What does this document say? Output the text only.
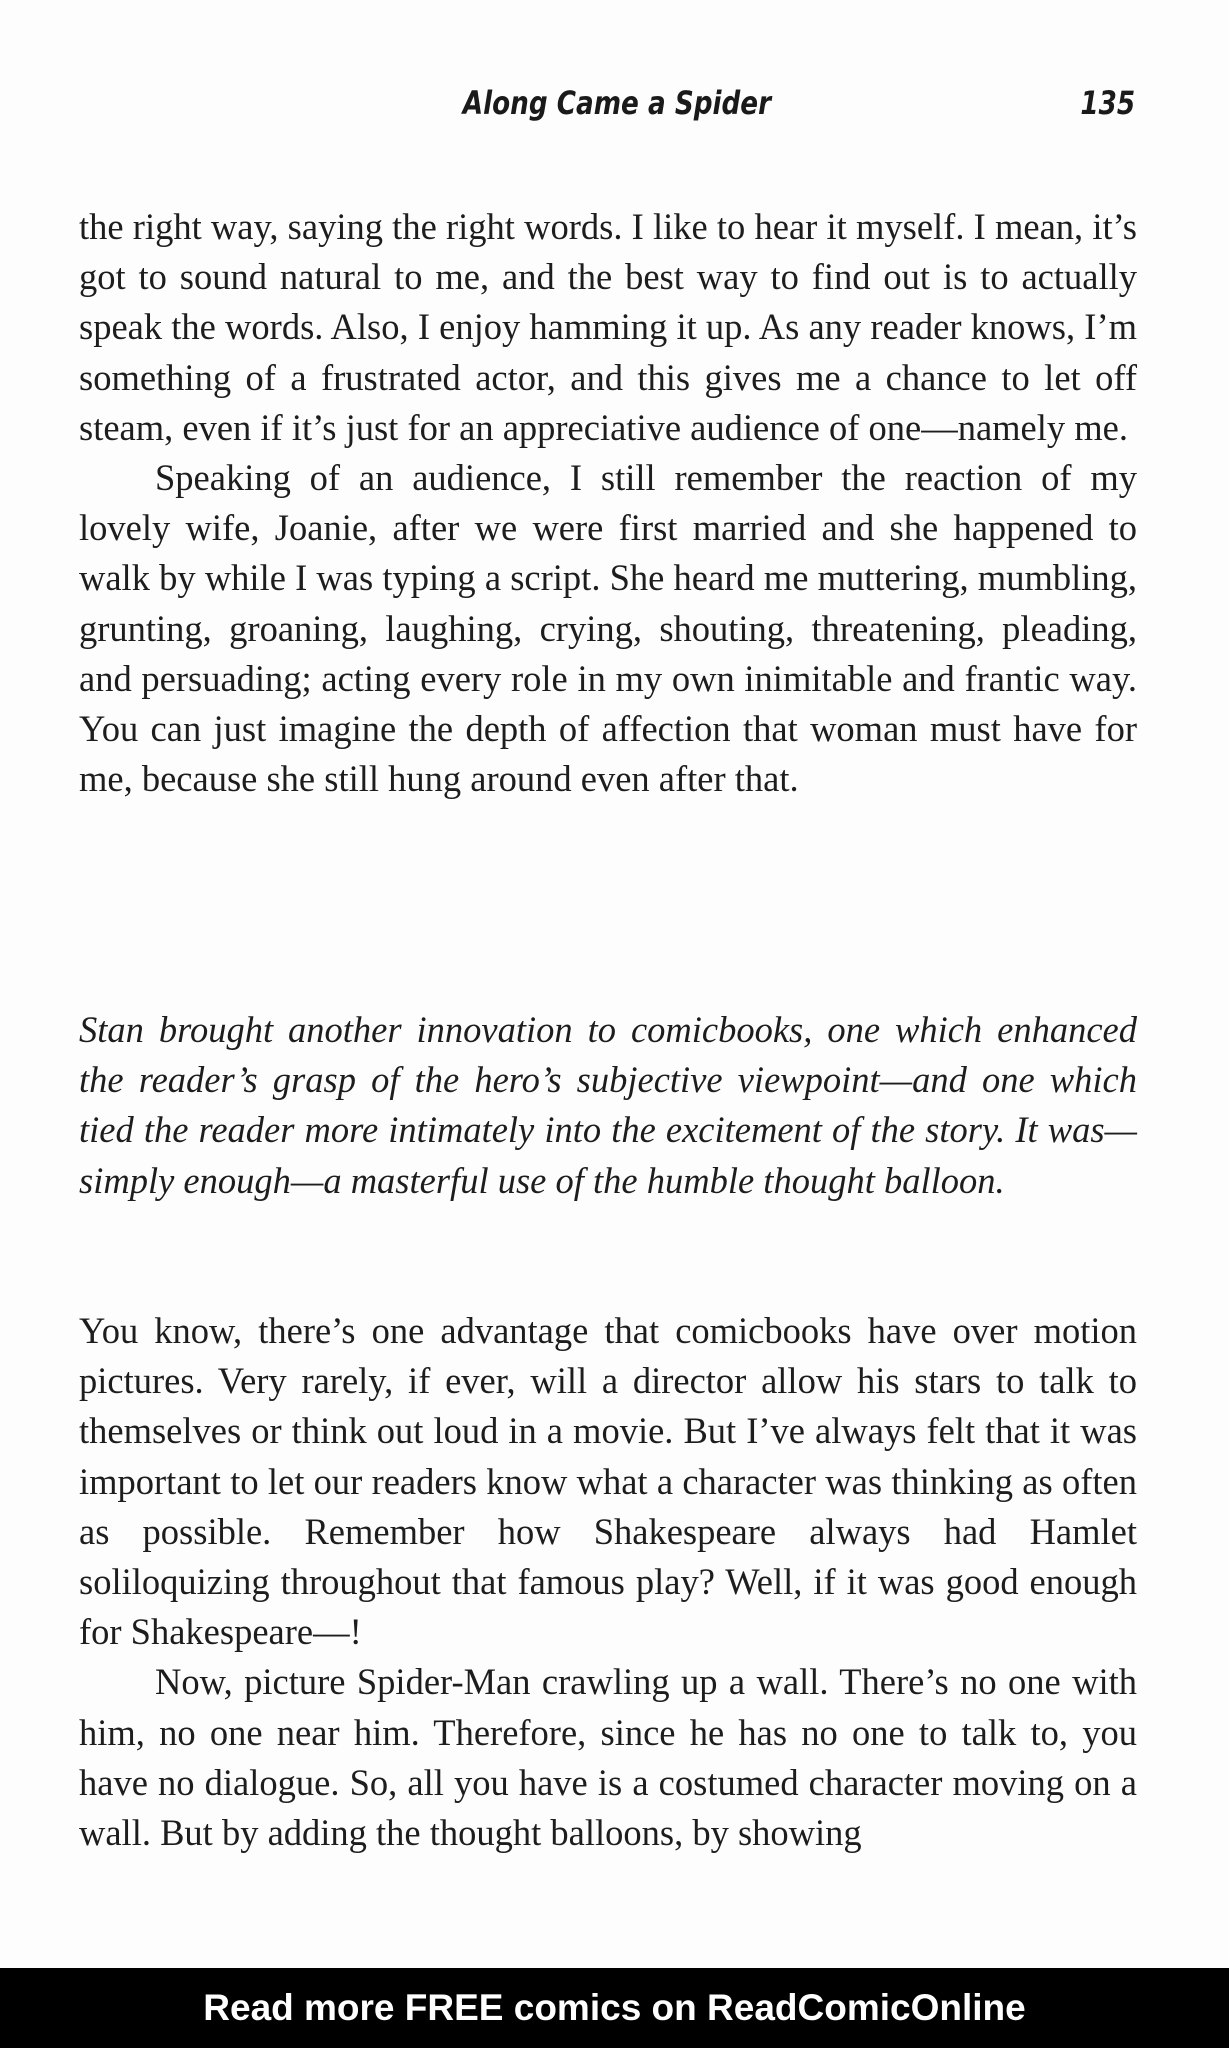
Along Came a Spider	135

the right way, saying the right words. I like to hear it myself. I mean, it’s got to sound natural to me, and the best way to find out is to actually speak the words. Also, I enjoy hamming it up. As any reader knows, I’m something of a frustrated actor, and this gives me a chance to let off steam, even if it’s just for an appreciative audience of one—namely me.

Speaking of an audience, I still remember the reaction of my lovely wife, Joanie, after we were first married and she happened to walk by while I was typing a script. She heard me muttering, mumbling, grunting, groaning, laughing, crying, shouting, threatening, pleading, and persuading; acting every role in my own inimitable and frantic way. You can just imagine the depth of affection that woman must have for me, because she still hung around even after that.

Stan brought another innovation to comicbooks, one which enhanced the reader’s grasp of the hero’s subjective viewpoint—and one which tied the reader more intimately into the excitement of the story. It was—simply enough—a masterful use of the humble thought balloon.

You know, there’s one advantage that comicbooks have over motion pictures. Very rarely, if ever, will a director allow his stars to talk to themselves or think out loud in a movie. But I’ve always felt that it was important to let our readers know what a character was thinking as often as possible. Remember how Shakespeare always had Hamlet soliloquizing throughout that famous play? Well, if it was good enough for Shakespeare—!

Now, picture Spider-Man crawling up a wall. There’s no one with him, no one near him. Therefore, since he has no one to talk to, you have no dialogue. So, all you have is a costumed character moving on a wall. But by adding the thought balloons, by showing

Read more FREE comics on ReadComicOnline
